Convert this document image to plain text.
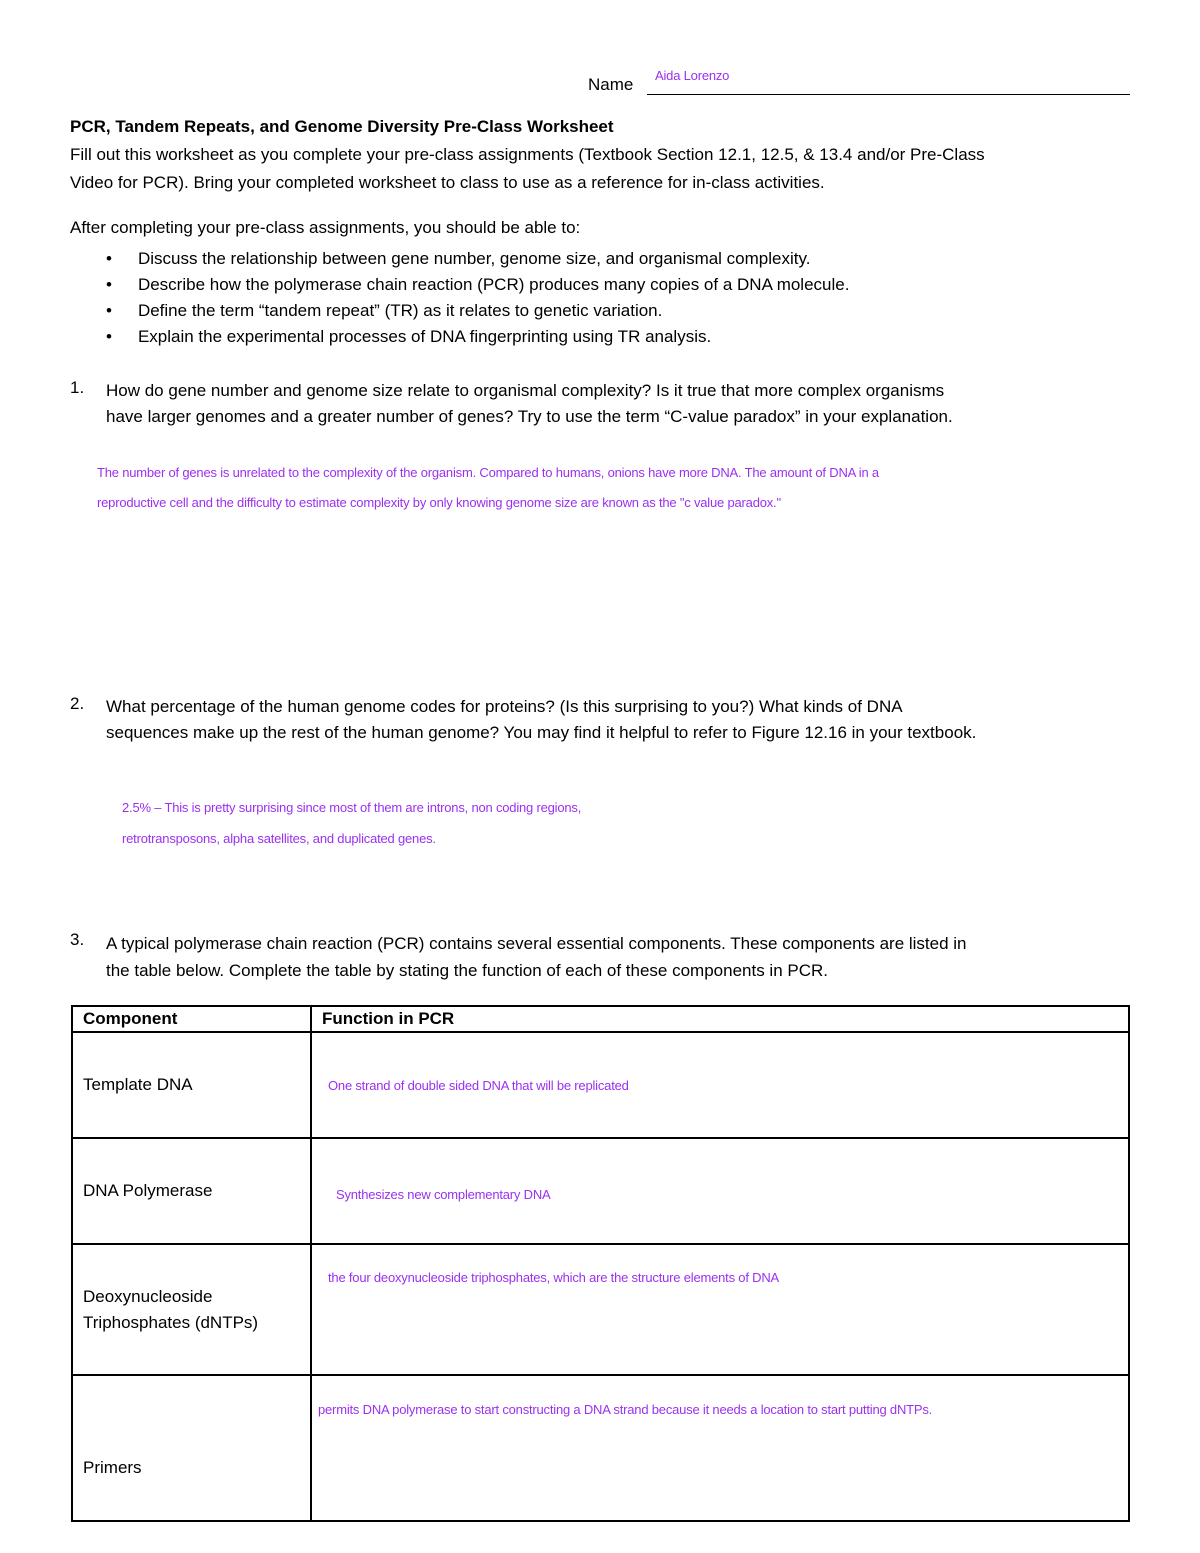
Name Aida Lorenzo
PCR, Tandem Repeats, and Genome Diversity Pre-Class Worksheet
Fill out this worksheet as you complete your pre-class assignments (Textbook Section 12.1, 12.5, & 13.4 and/or Pre-Class
Video for PCR). Bring your completed worksheet to class to use as a reference for in-class activities.
After completing your pre-class assignments, you should be able to:
• Discuss the relationship between gene number, genome size, and organismal complexity.
• Describe how the polymerase chain reaction (PCR) produces many copies of a DNA molecule.
• Define the term “tandem repeat” (TR) as it relates to genetic variation.
• Explain the experimental processes of DNA fingerprinting using TR analysis.
1. How do gene number and genome size relate to organismal complexity? Is it true that more complex organisms
have larger genomes and a greater number of genes? Try to use the term “C-value paradox” in your explanation.
The number of genes is unrelated to the complexity of the organism. Compared to humans, onions have more DNA. The amount of DNA in a
reproductive cell and the difficulty to estimate complexity by only knowing genome size are known as the "c value paradox."
2. What percentage of the human genome codes for proteins? (Is this surprising to you?) What kinds of DNA
sequences make up the rest of the human genome? You may find it helpful to refer to Figure 12.16 in your textbook.
2.5% – This is pretty surprising since most of them are introns, non coding regions,
retrotransposons, alpha satellites, and duplicated genes.
3. A typical polymerase chain reaction (PCR) contains several essential components. These components are listed in
the table below. Complete the table by stating the function of each of these components in PCR.
Component	Function in PCR
Template DNA	One strand of double sided DNA that will be replicated

DNA Polymerase	Synthesizes new complementary DNA

Deoxynucleoside Triphosphates (dNTPs)	the four deoxynucleoside triphosphates, which are the structure elements of DNA

Primers	permits DNA polymerase to start constructing a DNA strand because it needs a location to start putting dNTPs.
